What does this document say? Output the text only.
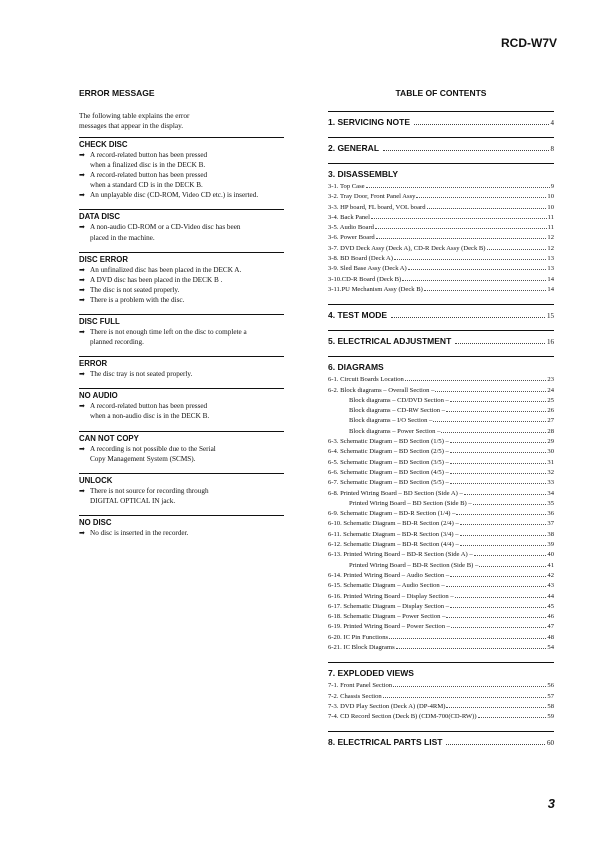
RCD-W7V
ERROR MESSAGE

The following table explains the error
messages that appear in the display.

CHECK DISC
➡ A record-related button has been pressed
when a finalized disc is in the DECK B.
➡ A record-related button has been pressed
when a standard CD is in the DECK B.
➡ An unplayable disc (CD-ROM, Video CD etc.) is inserted.
DATA DISC
➡ A non-audio CD-ROM or a CD-Video disc has been
placed in the machine.
DISC ERROR
➡ An unfinalized disc has been placed in the DECK A.
➡ A DVD disc has been placed in the DECK B .
➡ The disc is not seated properly.
➡ There is a problem with the disc.
DISC FULL
➡ There is not enough time left on the disc to complete a
planned recording.
ERROR
➡ The disc tray is not seated properly.
NO AUDIO
➡ A record-related button has been pressed
when a non-audio disc is in the DECK B.
CAN NOT COPY
➡ A recording is not possible due to the Serial
Copy Management System (SCMS).
UNLOCK
➡ There is not source for recording through
DIGITAL OPTICAL IN jack.
NO DISC
➡ No disc is inserted in the recorder.
TABLE OF CONTENTS
1. SERVICING NOTE	4
2. GENERAL	8
3. DISASSEMBLY
3-1. Top Case	9
3-2. Tray Door, Front Panel Assy	10
3-3. HP board, FL board, VOL board	10
3-4. Back Panel	11
3-5. Audio Board	11
3-6. Power Board	12
3-7. DVD Deck Assy (Deck A), CD-R Deck Assy (Deck B)	12
3-8. BD Board (Deck A)	13
3-9. Sled Base Assy (Deck A)	13
3-10.CD-R Board (Deck B)	14
3-11.PU Mechanism Assy (Deck B)	14
4. TEST MODE	15
5. ELECTRICAL ADJUSTMENT	16
6. DIAGRAMS
6-1. Circuit Boards Location	23
6-2. Block diagrams – Overall Section –	24
Block diagrams – CD/DVD Section –	25
Block diagrams – CD-RW Section –	26
Block diagrams – I/O Section –	27
Block diagrams – Power Section –	28
6-3. Schematic Diagram – BD Section (1/5) –	29
6-4. Schematic Diagram – BD Section (2/5) –	30
6-5. Schematic Diagram – BD Section (3/5) –	31
6-6. Schematic Diagram – BD Section (4/5) –	32
6-7. Schematic Diagram – BD Section (5/5) –	33
6-8. Printed Wiring Board – BD Section (Side A) –	34
Printed Wiring Board – BD Section (Side B) –	35
6-9. Schematic Diagram – BD-R Section (1/4) –	36
6-10. Schematic Diagram – BD-R Section (2/4) –	37
6-11. Schematic Diagram – BD-R Section (3/4) –	38
6-12. Schematic Diagram – BD-R Section (4/4) –	39
6-13. Printed Wiring Board – BD-R Section (Side A) –	40
Printed Wiring Board – BD-R Section (Side B) –	41
6-14. Printed Wiring Board – Audio Section –	42
6-15. Schematic Diagram – Audio Section –	43
6-16. Printed Wiring Board – Display Section –	44
6-17. Schematic Diagram – Display Section –	45
6-18. Schematic Diagram – Power Section –	46
6-19. Printed Wiring Board – Power Section –	47
6-20. IC Pin Functions	48
6-21. IC Block Diagrams	54
7. EXPLODED VIEWS
7-1. Front Panel Section	56
7-2. Chassis Section	57
7-3. DVD Play Section (Deck A) (DP-4RM)	58
7-4. CD Record Section (Deck B) (CDM-700(CD-RW))	59
8. ELECTRICAL PARTS LIST	60
3
